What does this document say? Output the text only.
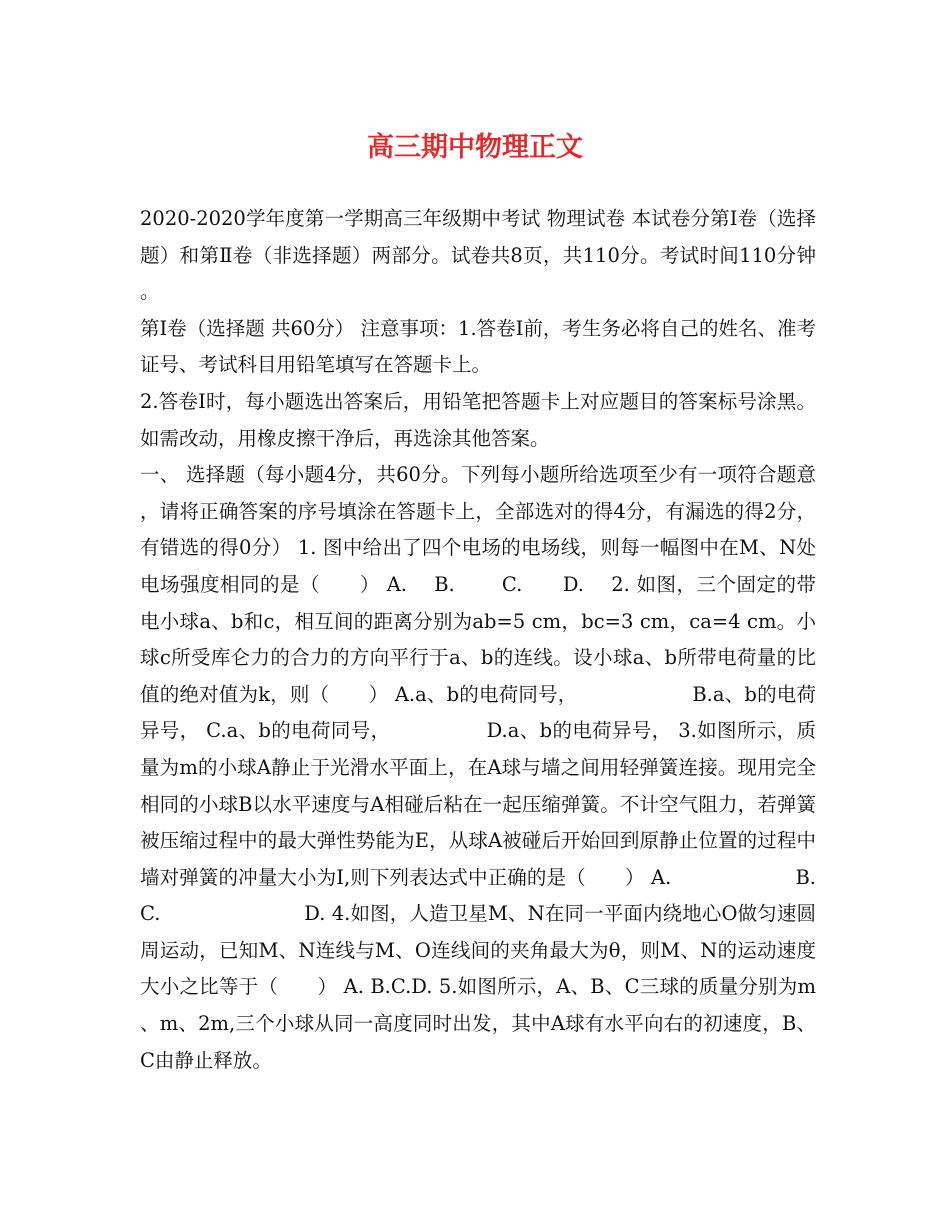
高三期中物理正文

2020-2020学年度第一学期高三年级期中考试 物理试卷 本试卷分第Ⅰ卷（选择题）和第Ⅱ卷（非选择题）两部分。试卷共8页，共110分。考试时间110分钟。

第Ⅰ卷（选择题 共60分） 注意事项：1.答卷Ⅰ前，考生务必将自己的姓名、准考证号、考试科目用铅笔填写在答题卡上。

2.答卷Ⅰ时，每小题选出答案后，用铅笔把答题卡上对应题目的答案标号涂黑。如需改动，用橡皮擦干净后，再选涂其他答案。

一、 选择题（每小题4分，共60分。下列每小题所给选项至少有一项符合题意，请将正确答案的序号填涂在答题卡上，全部选对的得4分，有漏选的得2分，有错选的得0分） 1. 图中给出了四个电场的电场线，则每一幅图中在M、N处电场强度相同的是（　　） A.　 B.　　 C.　　D.　 2. 如图，三个固定的带电小球a、b和c，相互间的距离分别为ab=5 cm，bc=3 cm，ca=4 cm。小球c所受库仑力的合力的方向平行于a、b的连线。设小球a、b所带电荷量的比值的绝对值为k，则（　　） A.a、b的电荷同号，　　　　　　 B.a、b的电荷异号， C.a、b的电荷同号，　　　　　 D.a、b的电荷异号， 3.如图所示，质量为m的小球A静止于光滑水平面上，在A球与墙之间用轻弹簧连接。现用完全相同的小球B以水平速度与A相碰后粘在一起压缩弹簧。不计空气阻力，若弹簧被压缩过程中的最大弹性势能为E，从球A被碰后开始回到原静止位置的过程中墙对弹簧的冲量大小为I,则下列表达式中正确的是（　　） A.　　　　　　 B. C.　　　　　　　 D. 4.如图，人造卫星M、N在同一平面内绕地心O做匀速圆周运动，已知M、N连线与M、O连线间的夹角最大为θ，则M、N的运动速度大小之比等于（　　） A. B.C.D. 5.如图所示，A、B、C三球的质量分别为m、m、2m,三个小球从同一高度同时出发，其中A球有水平向右的初速度，B、C由静止释放。
